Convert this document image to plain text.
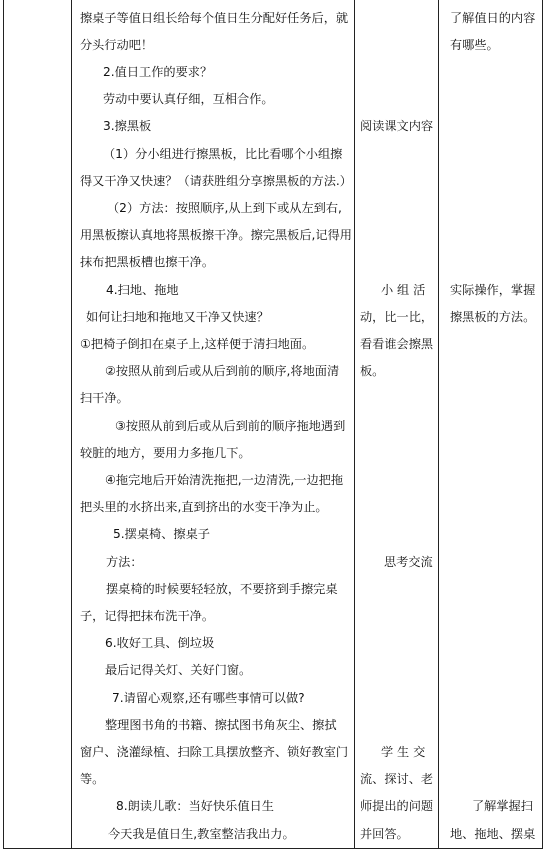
擦桌子等值日组长给每个值日生分配好任务后，就
分头行动吧！
2.值日工作的要求？
劳动中要认真仔细，互相合作。
3.擦黑板
（1）分小组进行擦黑板，比比看哪个小组擦
得又干净又快速？（请获胜组分享擦黑板的方法.）
（2）方法：按照顺序,从上到下或从左到右,
用黑板擦认真地将黑板擦干净。擦完黑板后,记得用
抹布把黑板槽也擦干净。
4.扫地、拖地
如何让扫地和拖地又干净又快速？
①把椅子倒扣在桌子上,这样便于清扫地面。
②按照从前到后或从后到前的顺序,将地面清
扫干净。
③按照从前到后或从后到前的顺序拖地遇到
较脏的地方，要用力多拖几下。
④拖完地后开始清洗拖把,一边清洗,一边把拖
把头里的水挤出来,直到挤出的水变干净为止。
5.摆桌椅、擦桌子
方法：
摆桌椅的时候要轻轻放，不要挤到手擦完桌
子，记得把抹布洗干净。
6.收好工具、倒垃圾
最后记得关灯、关好门窗。
7.请留心观察,还有哪些事情可以做?
整理图书角的书籍、擦拭图书角灰尘、擦拭
窗户、浇灌绿植、扫除工具摆放整齐、锁好教室门
等。
8.朗读儿歌：当好快乐值日生
今天我是值日生,教室整洁我出力。
阅读课文内容
小 组 活
动，比一比，
看看谁会擦黑
板。
思考交流
学 生 交
流、探讨、老
师提出的问题
并回答。
了解值日的内容
有哪些。
实际操作，掌握
擦黑板的方法。
了解掌握扫
地、拖地、摆桌
